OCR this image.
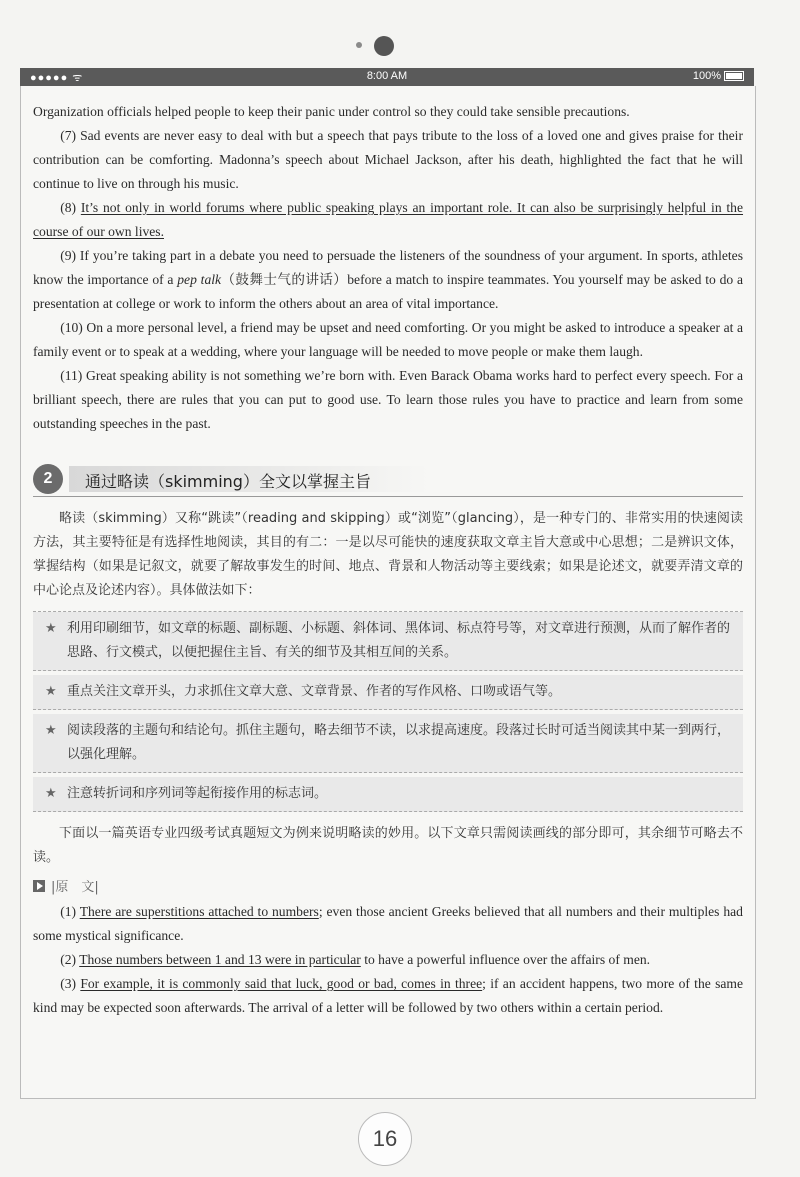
●●●●● ᯤ	8:00 AM	100%

Organization officials helped people to keep their panic under control so they could take sensible precautions.

(7) Sad events are never easy to deal with but a speech that pays tribute to the loss of a loved one and gives praise for their contribution can be comforting. Madonna’s speech about Michael Jackson, after his death, highlighted the fact that he will continue to live on through his music.

(8) It’s not only in world forums where public speaking plays an important role. It can also be surprisingly helpful in the course of our own lives.

(9) If you’re taking part in a debate you need to persuade the listeners of the soundness of your argument. In sports, athletes know the importance of a pep talk（鼓舞士气的讲话）before a match to inspire teammates. You yourself may be asked to do a presentation at college or work to inform the others about an area of vital importance.

(10) On a more personal level, a friend may be upset and need comforting. Or you might be asked to introduce a speaker at a family event or to speak at a wedding, where your language will be needed to move people or make them laugh.

(11) Great speaking ability is not something we’re born with. Even Barack Obama works hard to perfect every speech. For a brilliant speech, there are rules that you can put to good use. To learn those rules you have to practice and learn from some outstanding speeches in the past.

2	通过略读（skimming）全文以掌握主旨

略读（skimming）又称“跳读”（reading and skipping）或“浏览”（glancing），是一种专门的、非常实用的快速阅读方法，其主要特征是有选择性地阅读，其目的有二：一是以尽可能快的速度获取文章主旨大意或中心思想；二是辨识文体，掌握结构（如果是记叙文，就要了解故事发生的时间、地点、背景和人物活动等主要线索；如果是论述文，就要弄清文章的中心论点及论述内容）。具体做法如下：

★ 利用印刷细节，如文章的标题、副标题、小标题、斜体词、黑体词、标点符号等，对文章进行预测，从而了解作者的思路、行文模式，以便把握住主旨、有关的细节及其相互间的关系。
★ 重点关注文章开头，力求抓住文章大意、文章背景、作者的写作风格、口吻或语气等。
★ 阅读段落的主题句和结论句。抓住主题句，略去细节不读，以求提高速度。段落过长时可适当阅读其中某一到两行，以强化理解。
★ 注意转折词和序列词等起衔接作用的标志词。

下面以一篇英语专业四级考试真题短文为例来说明略读的妙用。以下文章只需阅读画线的部分即可，其余细节可略去不读。

|原　文|

(1) There are superstitions attached to numbers; even those ancient Greeks believed that all numbers and their multiples had some mystical significance.

(2) Those numbers between 1 and 13 were in particular to have a powerful influence over the affairs of men.

(3) For example, it is commonly said that luck, good or bad, comes in three; if an accident happens, two more of the same kind may be expected soon afterwards. The arrival of a letter will be followed by two others within a certain period.

16
